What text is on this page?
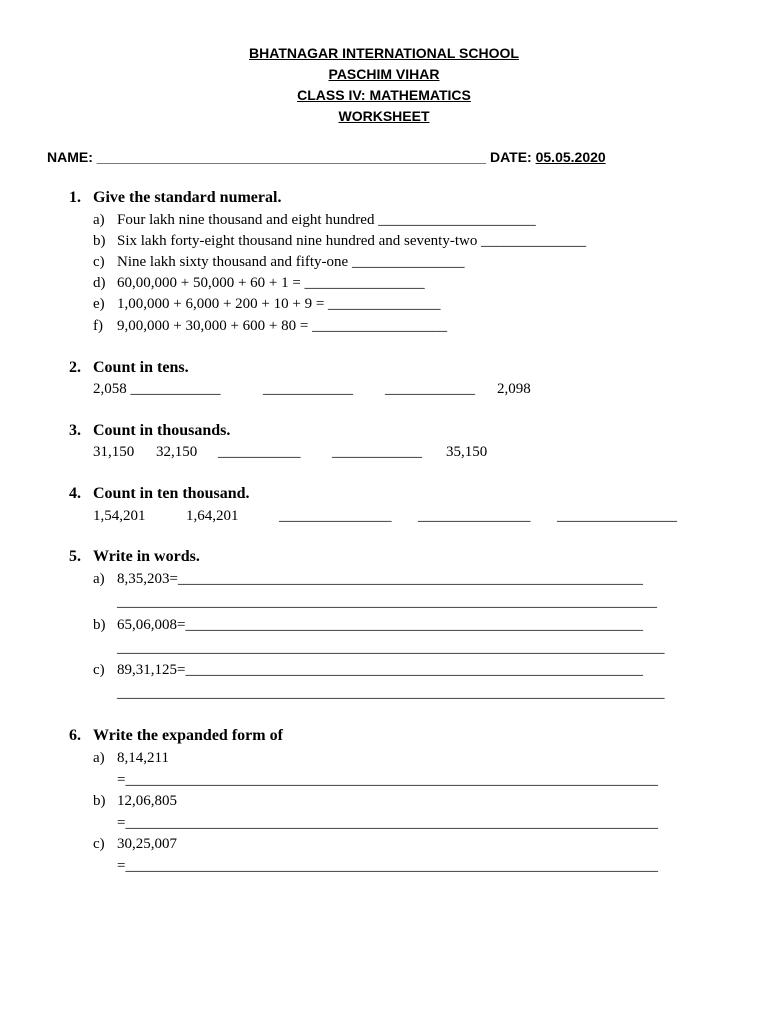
BHATNAGAR INTERNATIONAL SCHOOL
PASCHIM VIHAR
CLASS IV: MATHEMATICS
WORKSHEET
NAME: __________________________________________________ DATE: 05.05.2020
1. Give the standard numeral.
a) Four lakh nine thousand and eight hundred _____________________
b) Six lakh forty-eight thousand nine hundred and seventy-two ______________
c) Nine lakh sixty thousand and fifty-one _______________
d) 60,00,000 + 50,000 + 60 + 1 = ________________
e) 1,00,000 + 6,000 + 200 + 10 + 9 = _______________
f) 9,00,000 + 30,000 + 600 + 80 = __________________
2. Count in tens.
2,058 ____________	____________ ____________ 2,098
3. Count in thousands.
31,150 32,150 ___________ ____________ 35,150
4. Count in ten thousand.
1,54,201	1,64,201	_______________ _______________ ________________
5. Write in words.
a) 8,35,203=______________________________________________________________
________________________________________________________________________
b) 65,06,008=_____________________________________________________________
_________________________________________________________________________
c) 89,31,125=_____________________________________________________________
_________________________________________________________________________
6. Write the expanded form of
a) 8,14,211
=_______________________________________________________________________
b) 12,06,805
=_______________________________________________________________________
c) 30,25,007
=_______________________________________________________________________
